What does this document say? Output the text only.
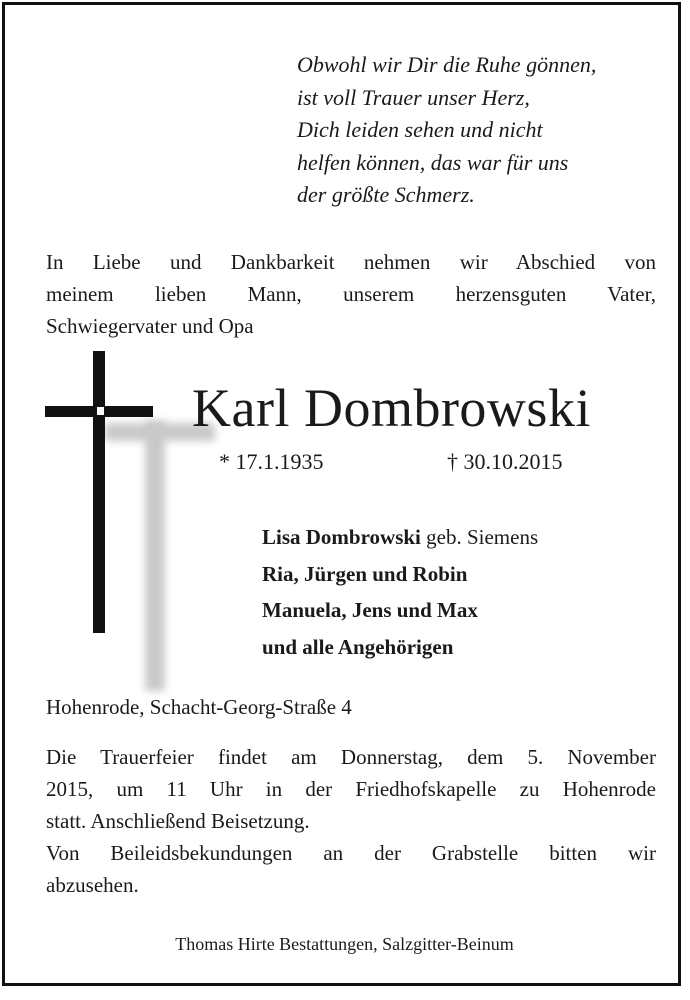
Obwohl wir Dir die Ruhe gönnen,
ist voll Trauer unser Herz,
Dich leiden sehen und nicht
helfen können, das war für uns
der größte Schmerz.
In Liebe und Dankbarkeit nehmen wir Abschied von
meinem lieben Mann, unserem herzensguten Vater,
Schwiegervater und Opa
Karl Dombrowski
* 17.1.1935	† 30.10.2015
Lisa Dombrowski geb. Siemens
Ria, Jürgen und Robin
Manuela, Jens und Max
und alle Angehörigen
Hohenrode, Schacht-Georg-Straße 4
Die Trauerfeier findet am Donnerstag, dem 5. November
2015, um 11 Uhr in der Friedhofskapelle zu Hohenrode
statt. Anschließend Beisetzung.
Von Beileidsbekundungen an der Grabstelle bitten wir
abzusehen.
Thomas Hirte Bestattungen, Salzgitter-Beinum
